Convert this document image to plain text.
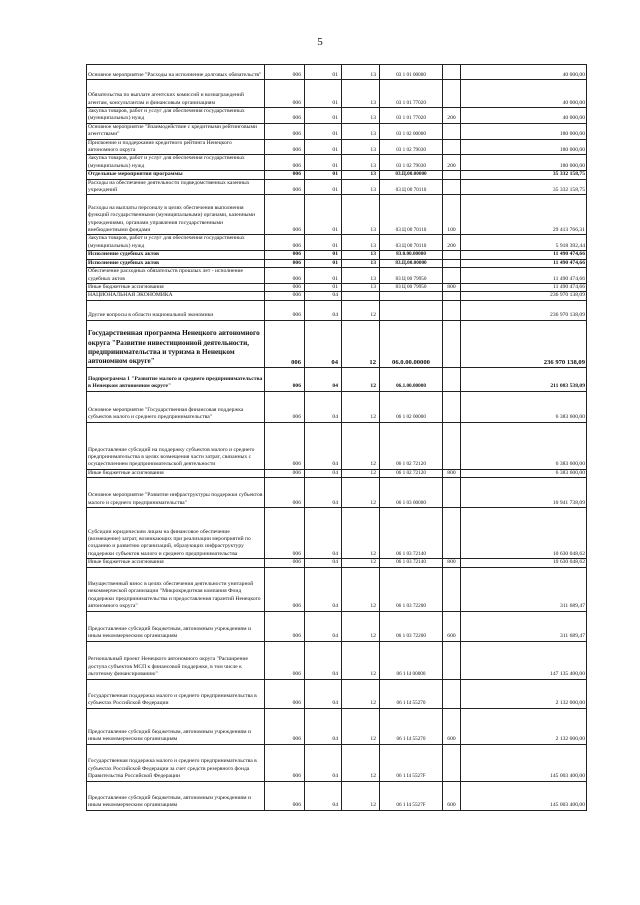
5
Основное мероприятие "Расходы на исполнение долговых обязательств"	006	01	13	03 1 01 00000		40 000,00
Обязательства по выплате агентских комиссий и вознаграждений агентам, консультантам и финансовым организациям	006	01	13	03 1 01 77020		40 000,00
Закупка товаров, работ и услуг для обеспечения государственных (муниципальных) нужд	006	01	13	03 1 01 77020	200	40 000,00
Основное мероприятие "Взаимодействие с кредитными рейтинговыми агентствами"	006	01	13	03 1 02 00000		180 000,00
Присвоение и поддержание кредитного рейтинга Ненецкого автономного округа	006	01	13	03 1 02 79030		180 000,00
Закупка товаров, работ и услуг для обеспечения государственных (муниципальных) нужд	006	01	13	03 1 02 79030	200	180 000,00
Отдельные мероприятия программы	006	01	13	03.Ц.00.00000		35 332 158,75
Расходы на обеспечение деятельности подведомственных казенных учреждений	006	01	13	03 Ц 00 70110		35 332 158,75
Расходы на выплаты персоналу в целях обеспечения выполнения функций государственными (муниципальными) органами, казенными учреждениями, органами управления государственными внебюджетными фондами	006	01	13	03 Ц 00 70110	100	29 413 766,31
Закупка товаров, работ и услуг для обеспечения государственных (муниципальных) нужд	006	01	13	03 Ц 00 70110	200	5 918 392,44
Исполнение судебных актов	006	01	13	83.0.00.00000		11 490 474,66
Исполнение судебных актов	006	01	13	83.Ц.00.00000		11 490 474,66
Обеспечение расходных обязательств прошлых лет - исполнение судебных актов	006	01	13	83 Ц 00 79950		11 490 474,66
Иные бюджетные ассигнования	006	01	13	83 Ц 00 79950	800	11 490 474,66
НАЦИОНАЛЬНАЯ ЭКОНОМИКА	006	04				236 970 138,09
Другие вопросы в области национальной экономики	006	04	12			236 970 138,09
Государственная программа Ненецкого автономного округа "Развитие инвестиционной деятельности, предпринимательства и туризма в Ненецком автономном округе"	006	04	12	06.0.00.00000		236 970 138,09
Подпрограмма 1 "Развитие малого и среднего предпринимательства в Ненецком автономном округе"	006	04	12	06.1.00.00000		211 083 538,09
Основное мероприятие "Государственная финансовая поддержка субъектов малого и среднего предпринимательства"	006	04	12	06 1 02 00000		6 383 600,00
Предоставление субсидий на поддержку субъектов малого и среднего предпринимательства в целях возмещения части затрат, связанных с осуществлением предпринимательской деятельности	006	04	12	06 1 02 72120		6 383 600,00
Иные бюджетные ассигнования	006	04	12	06 1 02 72120	800	6 383 600,00
Основное мероприятие "Развитие инфраструктуры поддержки субъектов малого и среднего предпринимательства"	006	04	12	06 1 03 00000		10 941 738,09
Субсидии юридическим лицам на финансовое обеспечение (возмещение) затрат, возникающих при реализации мероприятий по созданию и развитию организаций, образующих инфраструктуру поддержки субъектов малого и среднего предпринимательства	006	04	12	06 1 03 72140		10 630 048,62
Иные бюджетные ассигнования	006	04	12	06 1 03 72140	800	10 630 048,62
Имущественный взнос в целях обеспечения деятельности унитарной некоммерческой организации "Микрокредитная компания Фонд поддержки предпринимательства и предоставления гарантий Ненецкого автономного округа"	006	04	12	06 1 03 72200		311 689,47
Предоставление субсидий бюджетным, автономным учреждениям и иным некоммерческим организациям	006	04	12	06 1 03 72200	600	311 689,47
Региональный проект Ненецкого автономного округа "Расширение доступа субъектов МСП к финансовой поддержке, в том числе к льготному финансированию"	006	04	12	06 1 I4 00000		147 135 400,00
Государственная поддержка малого и среднего предпринимательства в субъектах Российской Федерации	006	04	12	06 1 I4 55270		2 132 000,00
Предоставление субсидий бюджетным, автономным учреждениям и иным некоммерческим организациям	006	04	12	06 1 I4 55270	600	2 132 000,00
Государственная поддержка малого и среднего предпринимательства в субъектах Российской Федерации за счет средств резервного фонда Правительства Российской Федерации	006	04	12	06 1 I4 5527F		145 003 400,00
Предоставление субсидий бюджетным, автономным учреждениям и иным некоммерческим организациям	006	04	12	06 1 I4 5527F	600	145 003 400,00
